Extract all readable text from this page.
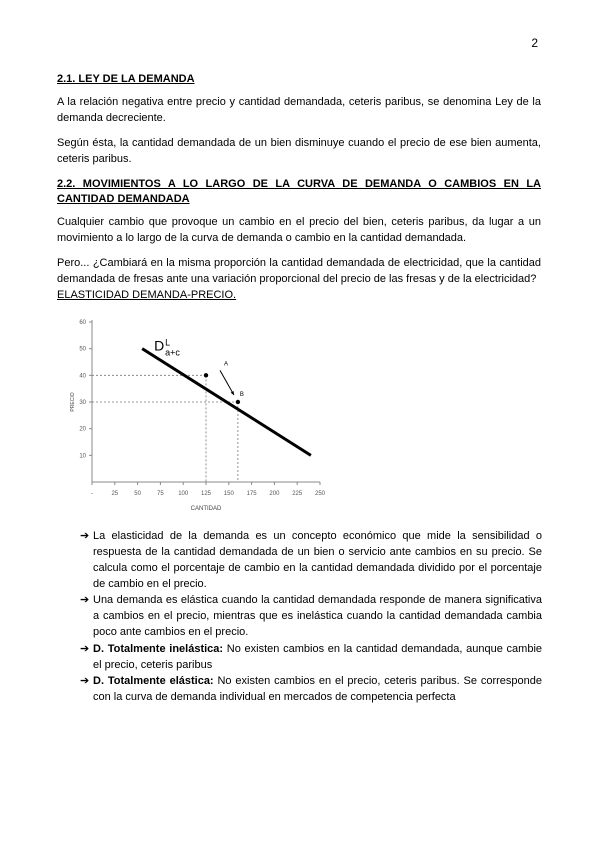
2
2.1. LEY DE LA DEMANDA

A la relación negativa entre precio y cantidad demandada, ceteris paribus, se denomina Ley de la demanda decreciente.

Según ésta, la cantidad demandada de un bien disminuye cuando el precio de ese bien aumenta, ceteris paribus.

2.2. MOVIMIENTOS A LO LARGO DE LA CURVA DE DEMANDA O CAMBIOS EN LA CANTIDAD DEMANDADA

Cualquier cambio que provoque un cambio en el precio del bien, ceteris paribus, da lugar a un movimiento a lo largo de la curva de demanda o cambio en la cantidad demandada.

Pero... ¿Cambiará en la misma proporción la cantidad demandada de electricidad, que la cantidad demandada de fresas ante una variación proporcional del precio de las fresas y de la electricidad?
ELASTICIDAD DEMANDA-PRECIO.

10
20
30
40
50
60
-	25	50	75 100 125 150 175 200 225 250
CANTIDAD
PRECIO
A
B
D L
a+c
➔ La elasticidad de la demanda es un concepto económico que mide la sensibilidad o respuesta de la cantidad demandada de un bien o servicio ante cambios en su precio. Se calcula como el porcentaje de cambio en la cantidad demandada dividido por el porcentaje de cambio en el precio.
➔ Una demanda es elástica cuando la cantidad demandada responde de manera significativa a cambios en el precio, mientras que es inelástica cuando la cantidad demandada cambia poco ante cambios en el precio.
➔ D. Totalmente inelástica: No existen cambios en la cantidad demandada, aunque cambie el precio, ceteris paribus
➔ D. Totalmente elástica: No existen cambios en el precio, ceteris paribus. Se corresponde con la curva de demanda individual en mercados de competencia perfecta
